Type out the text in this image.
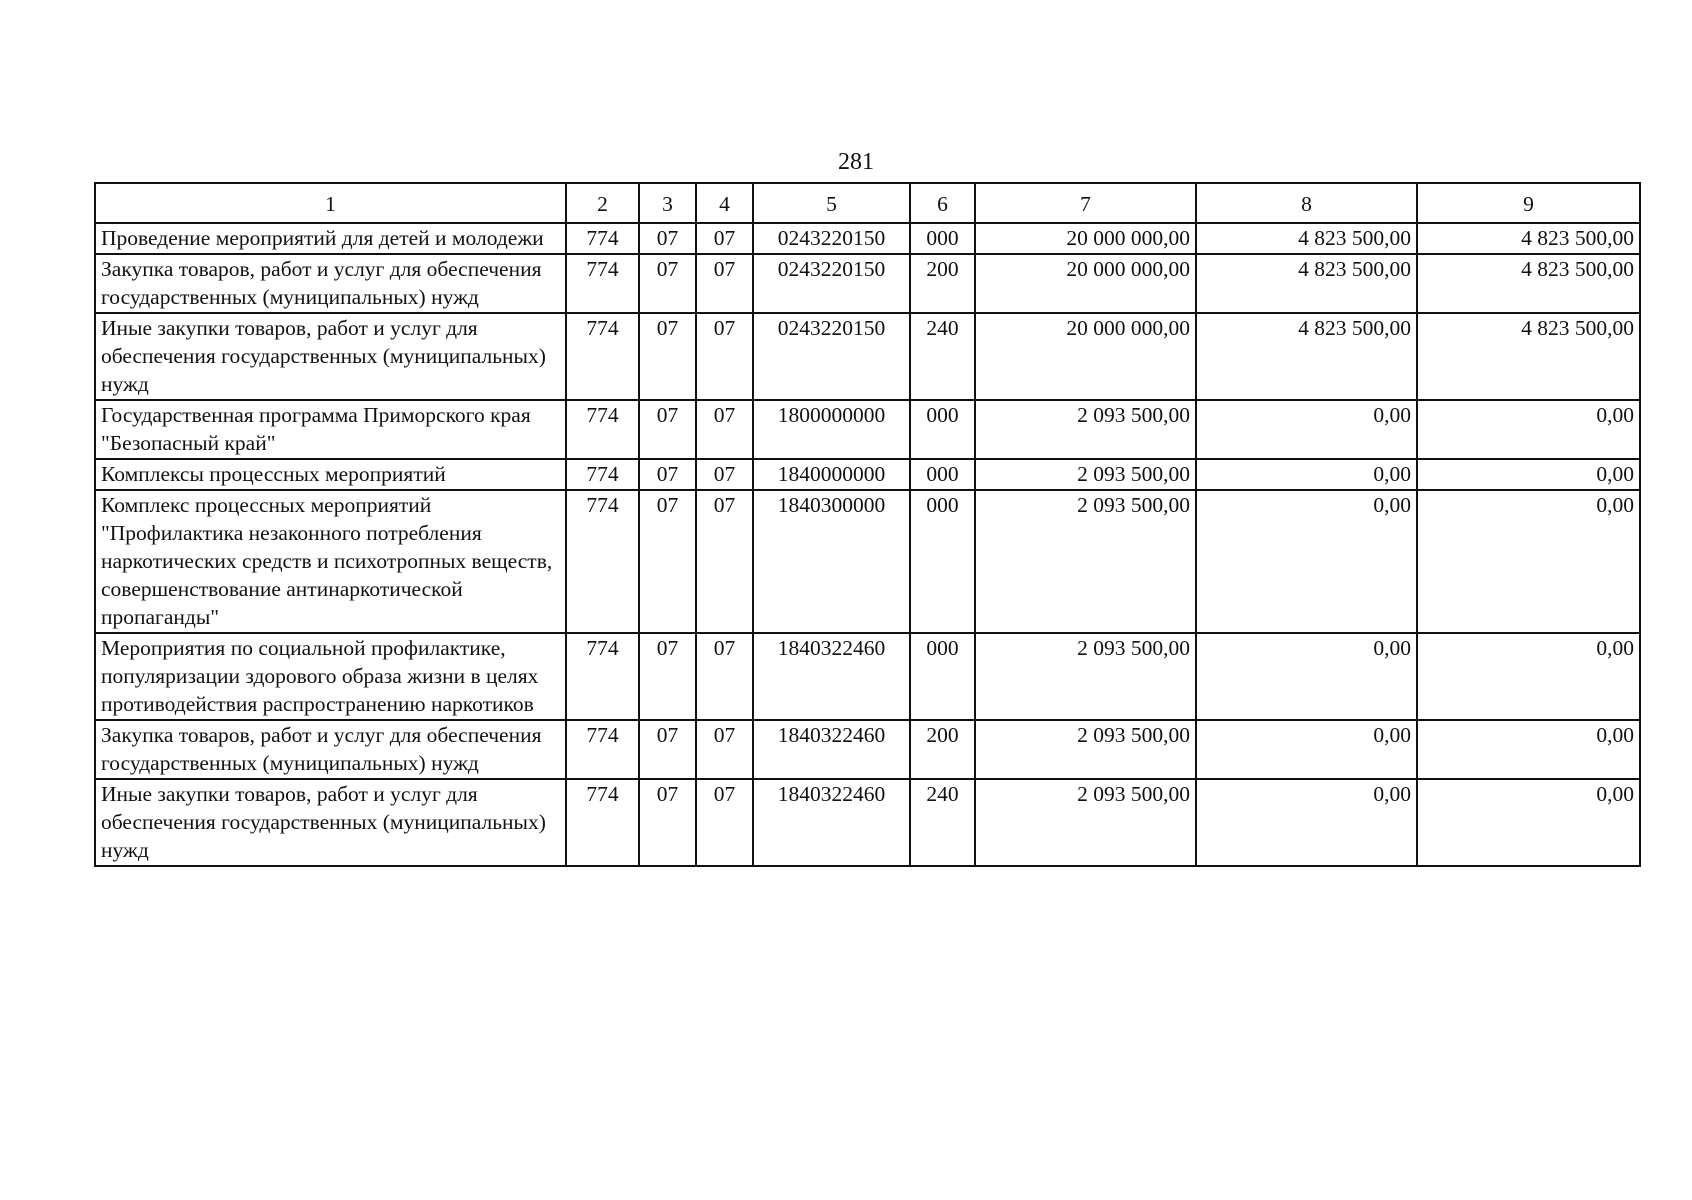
281
1	2	3	4	5	6	7	8	9
Проведение мероприятий для детей и молодежи	774	07	07	0243220150	000	20 000 000,00	4 823 500,00	4 823 500,00
Закупка товаров, работ и услуг для обеспечения государственных (муниципальных) нужд	774	07	07	0243220150	200	20 000 000,00	4 823 500,00	4 823 500,00
Иные закупки товаров, работ и услуг для обеспечения государственных (муниципальных) нужд	774	07	07	0243220150	240	20 000 000,00	4 823 500,00	4 823 500,00
Государственная программа Приморского края "Безопасный край"	774	07	07	1800000000	000	2 093 500,00	0,00	0,00
Комплексы процессных мероприятий	774	07	07	1840000000	000	2 093 500,00	0,00	0,00
Комплекс процессных мероприятий "Профилактика незаконного потребления наркотических средств и психотропных веществ, совершенствование антинаркотической пропаганды"	774	07	07	1840300000	000	2 093 500,00	0,00	0,00
Мероприятия по социальной профилактике, популяризации здорового образа жизни в целях противодействия распространению наркотиков	774	07	07	1840322460	000	2 093 500,00	0,00	0,00
Закупка товаров, работ и услуг для обеспечения государственных (муниципальных) нужд	774	07	07	1840322460	200	2 093 500,00	0,00	0,00
Иные закупки товаров, работ и услуг для обеспечения государственных (муниципальных) нужд	774	07	07	1840322460	240	2 093 500,00	0,00	0,00
